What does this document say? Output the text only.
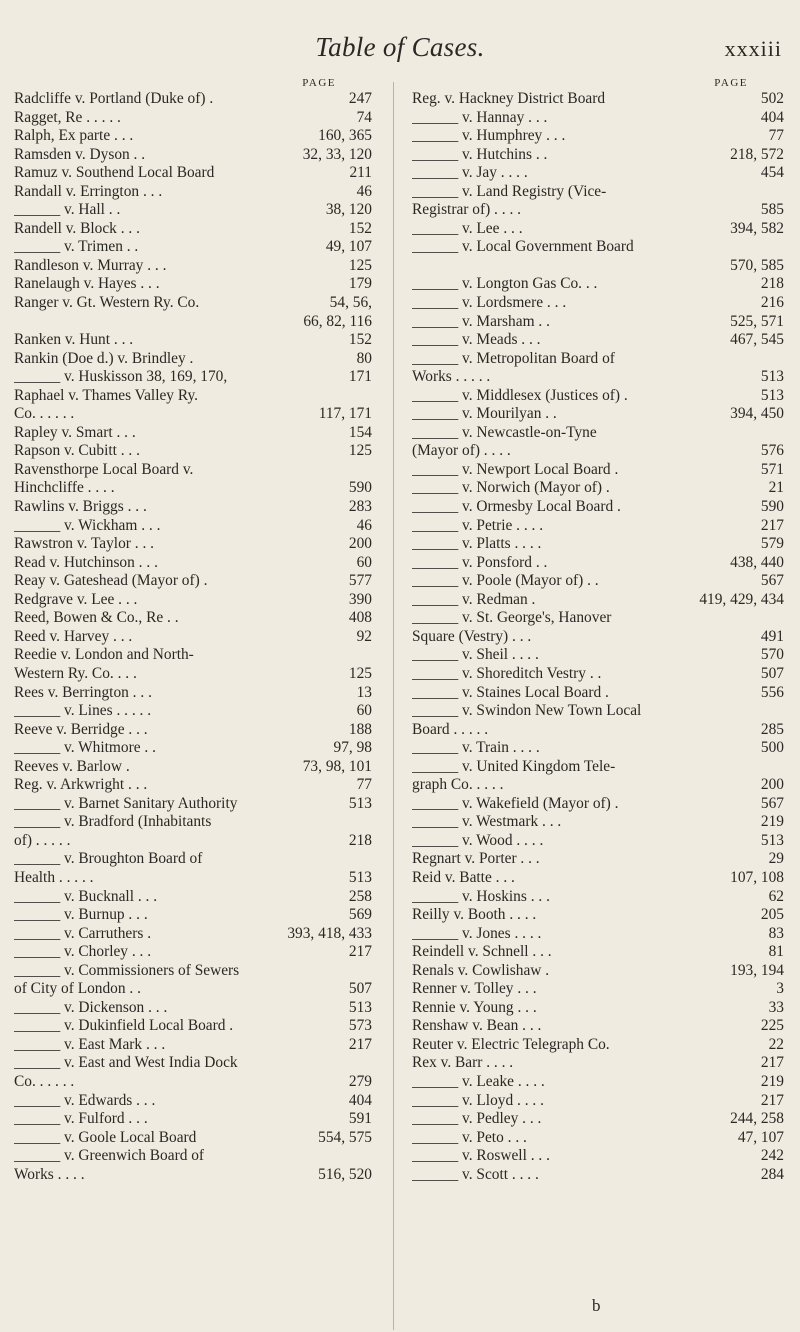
Table of Cases.	xxxiii
PAGE
Radcliffe v. Portland (Duke of) .	247
Ragget, Re . . . . .	74
Ralph, Ex parte . . .	160, 365
Ramsden v. Dyson . .	32, 33, 120
Ramuz v. Southend Local Board	211
Randall v. Errington . . .	46
______ v. Hall . .	38, 120
Randell v. Block . . .	152
______ v. Trimen . .	49, 107
Randleson v. Murray . . .	125
Ranelaugh v. Hayes . . .	179
Ranger v. Gt. Western Ry. Co.	54, 56,
66, 82, 116
Ranken v. Hunt . . .	152
Rankin (Doe d.) v. Brindley .	80
______ v. Huskisson 38, 169, 170,	171
Raphael v. Thames Valley Ry.
Co. . . . . .	117, 171
Rapley v. Smart . . .	154
Rapson v. Cubitt . . .	125
Ravensthorpe Local Board v.
Hinchcliffe . . . .	590
Rawlins v. Briggs . . .	283
______ v. Wickham . . .	46
Rawstron v. Taylor . . .	200
Read v. Hutchinson . . .	60
Reay v. Gateshead (Mayor of) .	577
Redgrave v. Lee . . .	390
Reed, Bowen & Co., Re . .	408
Reed v. Harvey . . .	92
Reedie v. London and North-
Western Ry. Co. . . .	125
Rees v. Berrington . . .	13
______ v. Lines . . . . .	60
Reeve v. Berridge . . .	188
______ v. Whitmore . .	97, 98
Reeves v. Barlow .	73, 98, 101
Reg. v. Arkwright . . .	77
______ v. Barnet Sanitary Authority	513
______ v. Bradford (Inhabitants
of) . . . . .	218
______ v. Broughton Board of
Health . . . . .	513
______ v. Bucknall . . .	258
______ v. Burnup . . .	569
______ v. Carruthers .	393, 418, 433
______ v. Chorley . . .	217
______ v. Commissioners of Sewers
of City of London . .	507
______ v. Dickenson . . .	513
______ v. Dukinfield Local Board .	573
______ v. East Mark . . .	217
______ v. East and West India Dock
Co. . . . . .	279
______ v. Edwards . . .	404
______ v. Fulford . . .	591
______ v. Goole Local Board	554, 575
______ v. Greenwich Board of
Works . . . .	516, 520
PAGE
Reg. v. Hackney District Board	502
______ v. Hannay . . .	404
______ v. Humphrey . . .	77
______ v. Hutchins . .	218, 572
______ v. Jay . . . .	454
______ v. Land Registry (Vice-
Registrar of) . . . .	585
______ v. Lee . . .	394, 582
______ v. Local Government Board
570, 585
______ v. Longton Gas Co. . .	218
______ v. Lordsmere . . .	216
______ v. Marsham . .	525, 571
______ v. Meads . . .	467, 545
______ v. Metropolitan Board of
Works . . . . .	513
______ v. Middlesex (Justices of) .	513
______ v. Mourilyan . .	394, 450
______ v. Newcastle-on-Tyne
(Mayor of) . . . .	576
______ v. Newport Local Board .	571
______ v. Norwich (Mayor of) .	21
______ v. Ormesby Local Board .	590
______ v. Petrie . . . .	217
______ v. Platts . . . .	579
______ v. Ponsford . .	438, 440
______ v. Poole (Mayor of) . .	567
______ v. Redman .	419, 429, 434
______ v. St. George's, Hanover
Square (Vestry) . . .	491
______ v. Sheil . . . .	570
______ v. Shoreditch Vestry . .	507
______ v. Staines Local Board .	556
______ v. Swindon New Town Local
Board . . . . .	285
______ v. Train . . . .	500
______ v. United Kingdom Tele-
graph Co. . . . .	200
______ v. Wakefield (Mayor of) .	567
______ v. Westmark . . .	219
______ v. Wood . . . .	513
Regnart v. Porter . . .	29
Reid v. Batte . . .	107, 108
______ v. Hoskins . . .	62
Reilly v. Booth . . . .	205
______ v. Jones . . . .	83
Reindell v. Schnell . . .	81
Renals v. Cowlishaw .	193, 194
Renner v. Tolley . . .	3
Rennie v. Young . . .	33
Renshaw v. Bean . . .	225
Reuter v. Electric Telegraph Co.	22
Rex v. Barr . . . .	217
______ v. Leake . . . .	219
______ v. Lloyd . . . .	217
______ v. Pedley . . .	244, 258
______ v. Peto . . .	47, 107
______ v. Roswell . . .	242
______ v. Scott . . . .	284
b
